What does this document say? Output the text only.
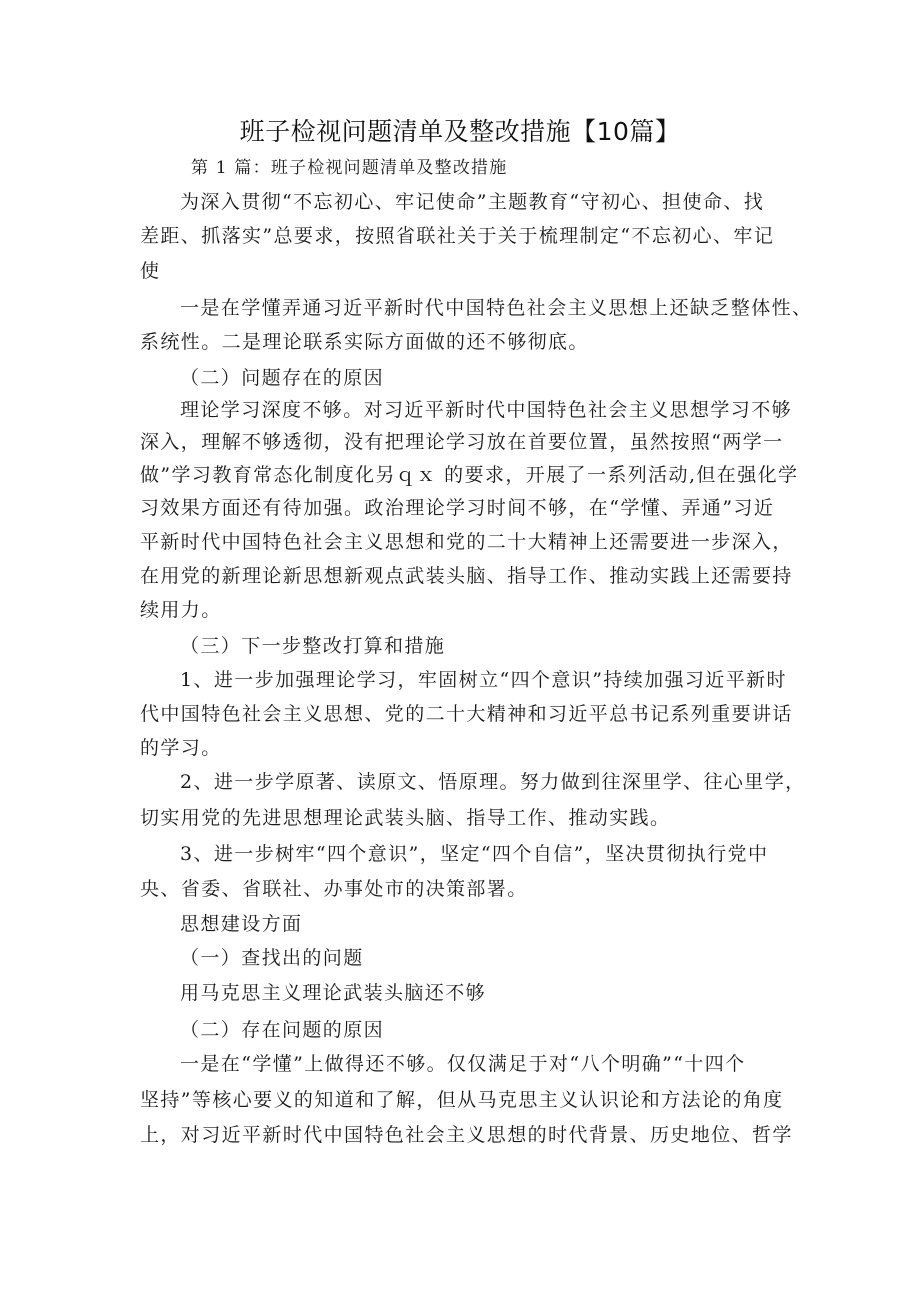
班子检视问题清单及整改措施【10篇】
第 1 篇：班子检视问题清单及整改措施
为深入贯彻“不忘初心、牢记使命”主题教育“守初心、担使命、找
差距、抓落实”总要求，按照省联社关于关于梳理制定“不忘初心、牢记
使
一是在学懂弄通习近平新时代中国特色社会主义思想上还缺乏整体性、
系统性。二是理论联系实际方面做的还不够彻底。
（二）问题存在的原因
理论学习深度不够。对习近平新时代中国特色社会主义思想学习不够
深入，理解不够透彻，没有把理论学习放在首要位置，虽然按照“两学一
做”学习教育常态化制度化另ｑｘ 的要求，开展了一系列活动,但在强化学
习效果方面还有待加强。政治理论学习时间不够，在“学懂、弄通”习近
平新时代中国特色社会主义思想和党的二十大精神上还需要进一步深入，
在用党的新理论新思想新观点武装头脑、指导工作、推动实践上还需要持
续用力。
（三）下一步整改打算和措施
1、进一步加强理论学习，牢固树立“四个意识”持续加强习近平新时
代中国特色社会主义思想、党的二十大精神和习近平总书记系列重要讲话
的学习。
2、进一步学原著、读原文、悟原理。努力做到往深里学、往心里学，
切实用党的先进思想理论武装头脑、指导工作、推动实践。
3、进一步树牢“四个意识”，坚定“四个自信”，坚决贯彻执行党中
央、省委、省联社、办事处市的决策部署。
思想建设方面
（一）查找出的问题
用马克思主义理论武装头脑还不够
（二）存在问题的原因
一是在“学懂”上做得还不够。仅仅满足于对“八个明确”“十四个
坚持”等核心要义的知道和了解，但从马克思主义认识论和方法论的角度
上，对习近平新时代中国特色社会主义思想的时代背景、历史地位、哲学
